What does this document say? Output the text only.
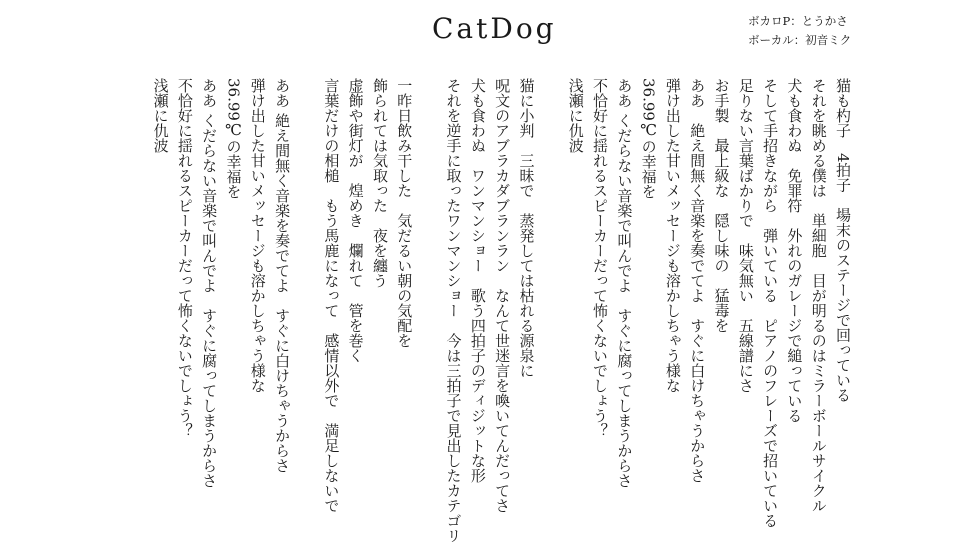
CatDog	ボカロP：とうかさ
ボーカル：初音ミク
猫も杓子　4拍子　場末のステージで回っている
それを眺める僕は　単細胞　目が明るのはミラーボールサイクル
犬も食わぬ　免罪符　外れのガレージで縋っている
そして手招きながら　弾いている　ピアノのフレーズで招いている
足りない言葉ばかりで　味気無い　五線譜にさ
お手製　最上級な　隠し味の　猛毒を
ああ　絶え間無く音楽を奏でてよ　すぐに白けちゃうからさ
弾け出した甘いメッセージも溶かしちゃう様な
36.99℃の幸福を
ああ くだらない音楽で叫んでよ　すぐに腐ってしまうからさ
不恰好に揺れるスピーカーだって怖くないでしょう？
浅瀬に仇波
猫に小判　三昧で　蒸発しては枯れる源泉に
呪文のアブラカダブランラン　なんて世迷言を喚いてんだってさ
犬も食わぬ　ワンマンショー　歌う四拍子のディジットな形
それを逆手に取ったワンマンショー　今は三拍子で見出したカテゴリ
一昨日飲み干した　気だるい朝の気配を
飾られては気取った　夜を纏う
虚飾や街灯が　煌めき　爛れて　管を巻く
言葉だけの相槌　もう馬鹿になって　感情以外で　満足しないで
ああ 絶え間無く音楽を奏でてよ　すぐに白けちゃうからさ
弾け出した甘いメッセージも溶かしちゃう様な
36.99℃の幸福を
ああ くだらない音楽で叫んでよ　すぐに腐ってしまうからさ
不恰好に揺れるスピーカーだって怖くないでしょう？
浅瀬に仇波
